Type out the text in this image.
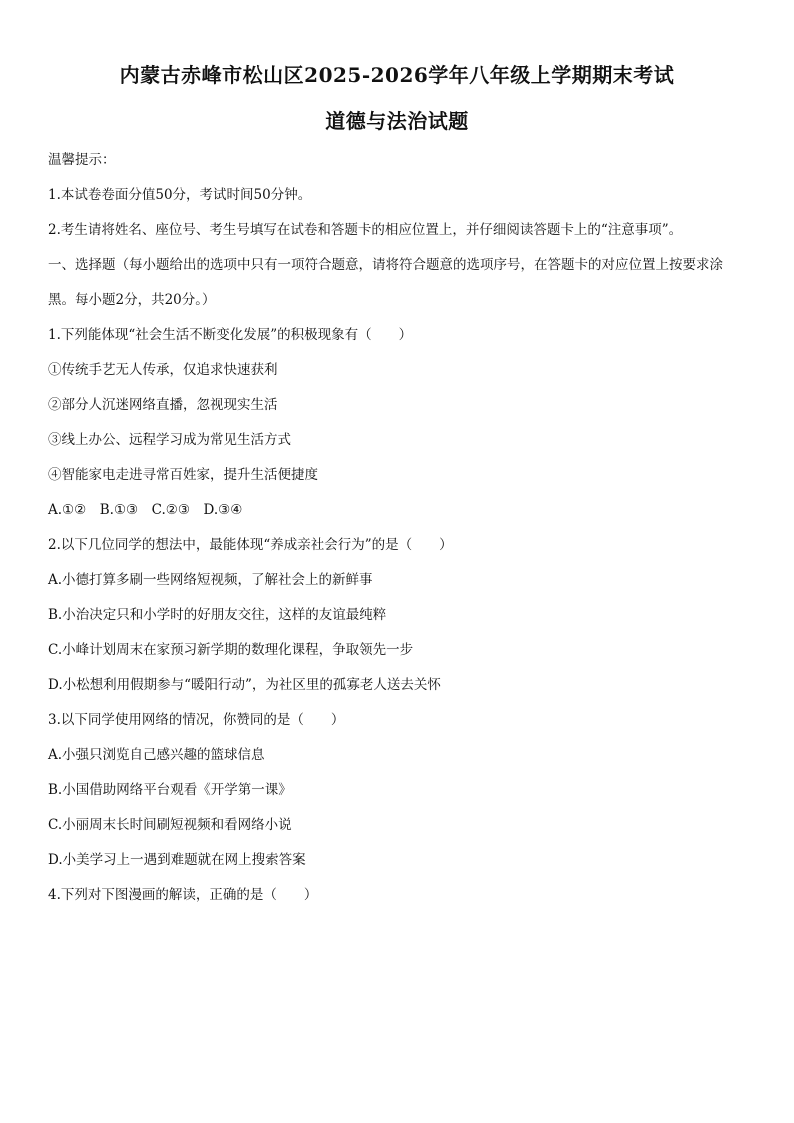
内蒙古赤峰市松山区2025-2026学年八年级上学期期末考试
道德与法治试题
温馨提示：
1.本试卷卷面分值50分，考试时间50分钟。
2.考生请将姓名、座位号、考生号填写在试卷和答题卡的相应位置上，并仔细阅读答题卡上的“注意事项”。
一、选择题（每小题给出的选项中只有一项符合题意，请将符合题意的选项序号，在答题卡的对应位置上按要求涂
黑。每小题2分，共20分。）
1.下列能体现“社会生活不断变化发展”的积极现象有（　　）
①传统手艺无人传承，仅追求快速获利
②部分人沉迷网络直播，忽视现实生活
③线上办公、远程学习成为常见生活方式
④智能家电走进寻常百姓家，提升生活便捷度
A.①②　B.①③　C.②③　D.③④
2.以下几位同学的想法中，最能体现“养成亲社会行为”的是（　　）
A.小德打算多刷一些网络短视频，了解社会上的新鲜事
B.小治决定只和小学时的好朋友交往，这样的友谊最纯粹
C.小峰计划周末在家预习新学期的数理化课程，争取领先一步
D.小松想利用假期参与“暖阳行动”，为社区里的孤寡老人送去关怀
3.以下同学使用网络的情况，你赞同的是（　　）
A.小强只浏览自己感兴趣的篮球信息
B.小国借助网络平台观看《开学第一课》
C.小丽周末长时间刷短视频和看网络小说
D.小美学习上一遇到难题就在网上搜索答案
4.下列对下图漫画的解读，正确的是（　　）
